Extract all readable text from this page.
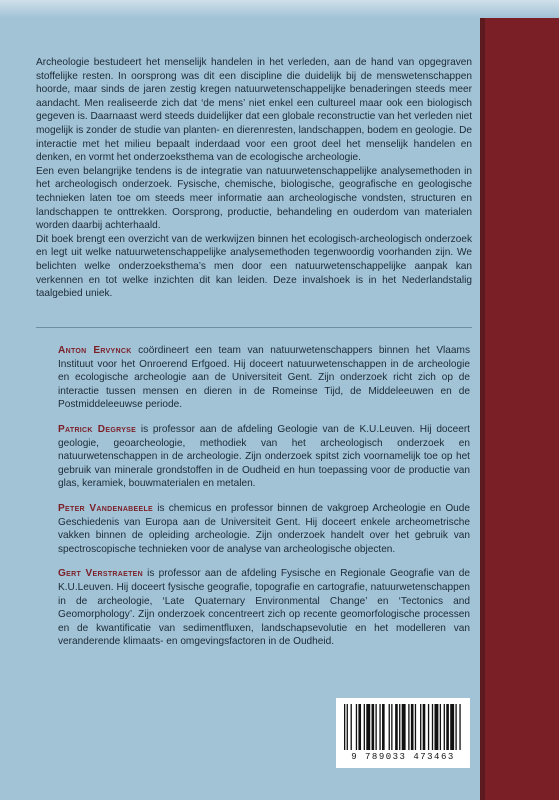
Archeologie bestudeert het menselijk handelen in het verleden, aan de hand van opgegraven stoffelijke resten. In oorsprong was dit een discipline die duidelijk bij de menswetenschappen hoorde, maar sinds de jaren zestig kregen natuurwetenschappelijke benaderingen steeds meer aandacht. Men realiseerde zich dat ‘de mens’ niet enkel een cultureel maar ook een biologisch gegeven is. Daarnaast werd steeds duidelijker dat een globale reconstructie van het verleden niet mogelijk is zonder de studie van planten- en dierenresten, landschappen, bodem en geologie. De interactie met het milieu bepaalt inderdaad voor een groot deel het menselijk handelen en denken, en vormt het onderzoeksthema van de ecologische archeologie.

Een even belangrijke tendens is de integratie van natuurwetenschappelijke analysemethoden in het archeologisch onderzoek. Fysische, chemische, biologische, geografische en geologische technieken laten toe om steeds meer informatie aan archeologische vondsten, structuren en landschappen te onttrekken. Oorsprong, productie, behandeling en ouderdom van materialen worden daarbij achterhaald.

Dit boek brengt een overzicht van de werkwijzen binnen het ecologisch-archeologisch onderzoek en legt uit welke natuurwetenschappelijke analysemethoden tegenwoordig voorhanden zijn. We belichten welke onderzoeksthema’s men door een natuurwetenschappelijke aanpak kan verkennen en tot welke inzichten dit kan leiden. Deze invalshoek is in het Nederlandstalig taalgebied uniek.

Anton Ervynck coördineert een team van natuurwetenschappers binnen het Vlaams Instituut voor het Onroerend Erfgoed. Hij doceert natuurwetenschappen in de archeologie en ecologische archeologie aan de Universiteit Gent. Zijn onderzoek richt zich op de interactie tussen mensen en dieren in de Romeinse Tijd, de Middeleeuwen en de Postmiddeleeuwse periode.

Patrick Degryse is professor aan de afdeling Geologie van de K.U.Leuven. Hij doceert geologie, geoarcheologie, methodiek van het archeologisch onderzoek en natuurwetenschappen in de archeologie. Zijn onderzoek spitst zich voornamelijk toe op het gebruik van minerale grondstoffen in de Oudheid en hun toepassing voor de productie van glas, keramiek, bouwmaterialen en metalen.

Peter Vandenabeele is chemicus en professor binnen de vakgroep Archeologie en Oude Geschiedenis van Europa aan de Universiteit Gent. Hij doceert enkele archeometrische vakken binnen de opleiding archeologie. Zijn onderzoek handelt over het gebruik van spectroscopische technieken voor de analyse van archeologische objecten.

Gert Verstraeten is professor aan de afdeling Fysische en Regionale Geografie van de K.U.Leuven. Hij doceert fysische geografie, topografie en cartografie, natuurwetenschappen in de archeologie, ‘Late Quaternary Environmental Change’ en ‘Tectonics and Geomorphology’. Zijn onderzoek concentreert zich op recente geomorfologische processen en de kwantificatie van sedimentfluxen, landschapsevolutie en het modelleren van veranderende klimaats- en omgevingsfactoren in de Oudheid.

9 789033 473463
